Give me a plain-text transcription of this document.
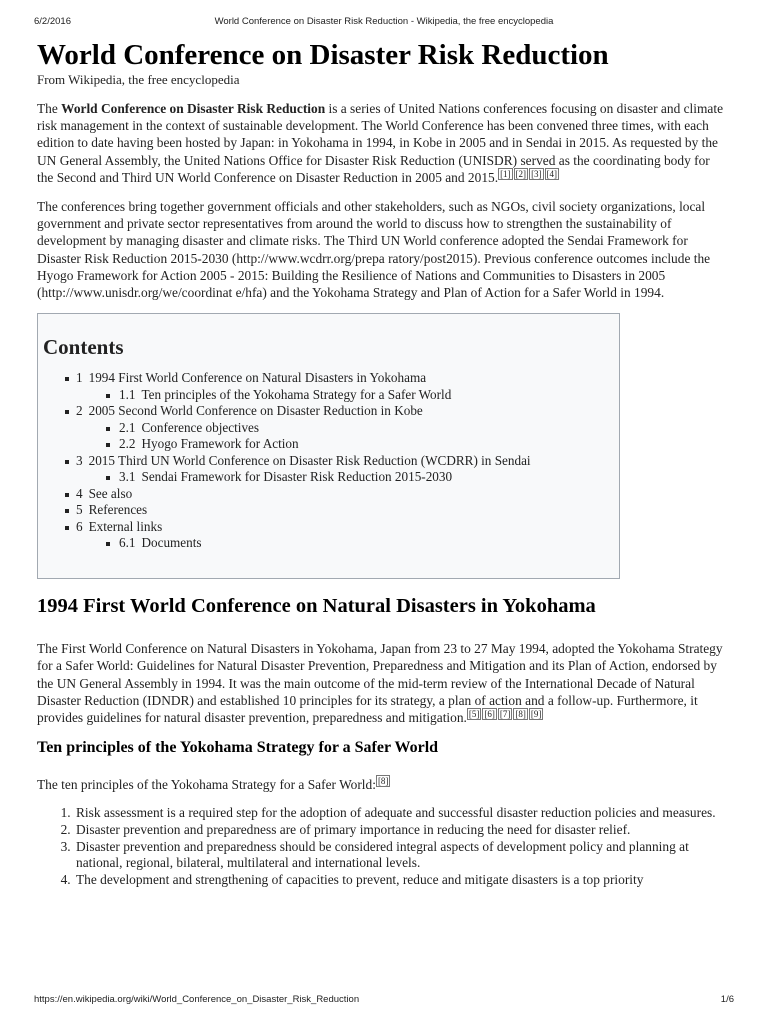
6/2/2016	World Conference on Disaster Risk Reduction - Wikipedia, the free encyclopedia
World Conference on Disaster Risk Reduction
From Wikipedia, the free encyclopedia

The World Conference on Disaster Risk Reduction is a series of United Nations conferences focusing on disaster and climate risk management in the context of sustainable development. The World Conference has been convened three times, with each edition to date having been hosted by Japan: in Yokohama in 1994, in Kobe in 2005 and in Sendai in 2015. As requested by the UN General Assembly, the United Nations Office for Disaster Risk Reduction (UNISDR) served as the coordinating body for the Second and Third UN World Conference on Disaster Reduction in 2005 and 2015. [1] [2] [3] [4]

The conferences bring together government officials and other stakeholders, such as NGOs, civil society organizations, local government and private sector representatives from around the world to discuss how to strengthen the sustainability of development by managing disaster and climate risks. The Third UN World conference adopted the Sendai Framework for Disaster Risk Reduction 2015-2030 (http://www.wcdrr.org/prepa ratory/post2015). Previous conference outcomes include the Hyogo Framework for Action 2005 - 2015: Building the Resilience of Nations and Communities to Disasters in 2005 (http://www.unisdr.org/we/coordinat e/hfa) and the Yokohama Strategy and Plan of Action for a Safer World in 1994.

Contents
1 1994 First World Conference on Natural Disasters in Yokohama
1.1 Ten principles of the Yokohama Strategy for a Safer World
2 2005 Second World Conference on Disaster Reduction in Kobe
2.1 Conference objectives
2.2 Hyogo Framework for Action
3 2015 Third UN World Conference on Disaster Risk Reduction (WCDRR) in Sendai
3.1 Sendai Framework for Disaster Risk Reduction 2015-2030
4 See also
5 References
6 External links
6.1 Documents
1994 First World Conference on Natural Disasters in Yokohama

The First World Conference on Natural Disasters in Yokohama, Japan from 23 to 27 May 1994, adopted the Yokohama Strategy for a Safer World: Guidelines for Natural Disaster Prevention, Preparedness and Mitigation and its Plan of Action, endorsed by the UN General Assembly in 1994. It was the main outcome of the mid-term review of the International Decade of Natural Disaster Reduction (IDNDR) and established 10 principles for its strategy, a plan of action and a follow-up. Furthermore, it provides guidelines for natural disaster prevention, preparedness and mitigation. [5] [6] [7] [8] [9]

Ten principles of the Yokohama Strategy for a Safer World

The ten principles of the Yokohama Strategy for a Safer World: [8]

1. Risk assessment is a required step for the adoption of adequate and successful disaster reduction policies and measures.
2. Disaster prevention and preparedness are of primary importance in reducing the need for disaster relief.
3. Disaster prevention and preparedness should be considered integral aspects of development policy and planning at national, regional, bilateral, multilateral and international levels.
4. The development and strengthening of capacities to prevent, reduce and mitigate disasters is a top priority
https://en.wikipedia.org/wiki/World_Conference_on_Disaster_Risk_Reduction	1/6
